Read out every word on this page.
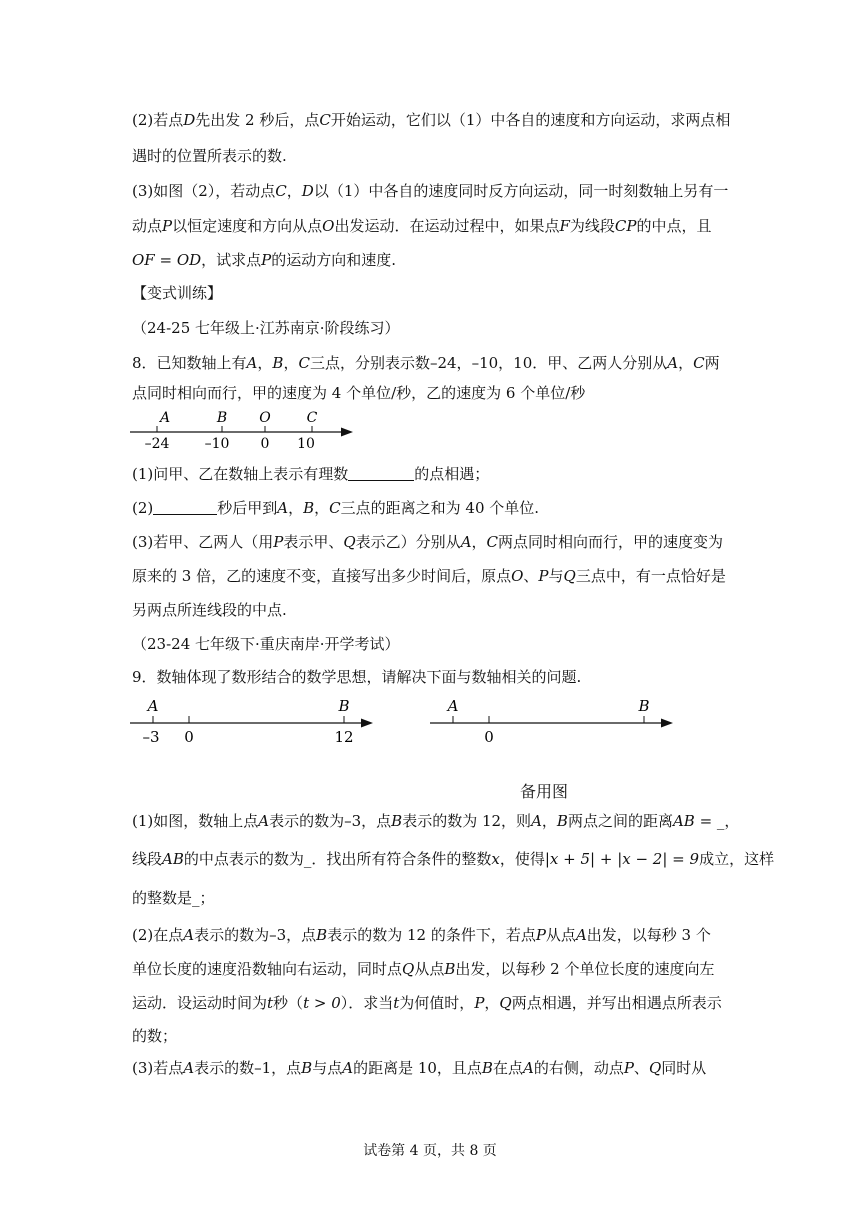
(2)若点D先出发 2 秒后，点C开始运动，它们以（1）中各自的速度和方向运动，求两点相
遇时的位置所表示的数.
(3)如图（2），若动点C，D以（1）中各自的速度同时反方向运动，同一时刻数轴上另有一
动点P以恒定速度和方向从点O出发运动．在运动过程中，如果点F为线段CP的中点，且
OF = OD，试求点P的运动方向和速度.
【变式训练】
（24-25 七年级上·江苏南京·阶段练习）
8．已知数轴上有A，B，C三点，分别表示数–24，–10，10．甲、乙两人分别从A，C两
点同时相向而行，甲的速度为 4 个单位/秒，乙的速度为 6 个单位/秒
A	B O	C
–24	–10 0 10
(1)问甲、乙在数轴上表示有理数	的点相遇；
(2)	秒后甲到A，B，C三点的距离之和为 40 个单位.
(3)若甲、乙两人（用P表示甲、Q表示乙）分别从A，C两点同时相向而行，甲的速度变为
原来的 3 倍，乙的速度不变，直接写出多少时间后，原点O、P与Q三点中，有一点恰好是
另两点所连线段的中点.
（23-24 七年级下·重庆南岸·开学考试）
9．数轴体现了数形结合的数学思想，请解决下面与数轴相关的问题.
A	B
–3 0	12
A	B
0
备用图
(1)如图，数轴上点A表示的数为–3，点B表示的数为 12，则A，B两点之间的距离AB = _，
线段AB的中点表示的数为_．找出所有符合条件的整数x，使得|x + 5| + |x − 2| = 9成立，这样
的整数是_；
(2)在点A表示的数为–3，点B表示的数为 12 的条件下，若点P从点A出发，以每秒 3 个
单位长度的速度沿数轴向右运动，同时点Q从点B出发，以每秒 2 个单位长度的速度向左
运动．设运动时间为t秒（t > 0）．求当t为何值时，P，Q两点相遇，并写出相遇点所表示
的数；
(3)若点A表示的数–1，点B与点A的距离是 10，且点B在点A的右侧，动点P、Q同时从
试卷第 4 页，共 8 页
